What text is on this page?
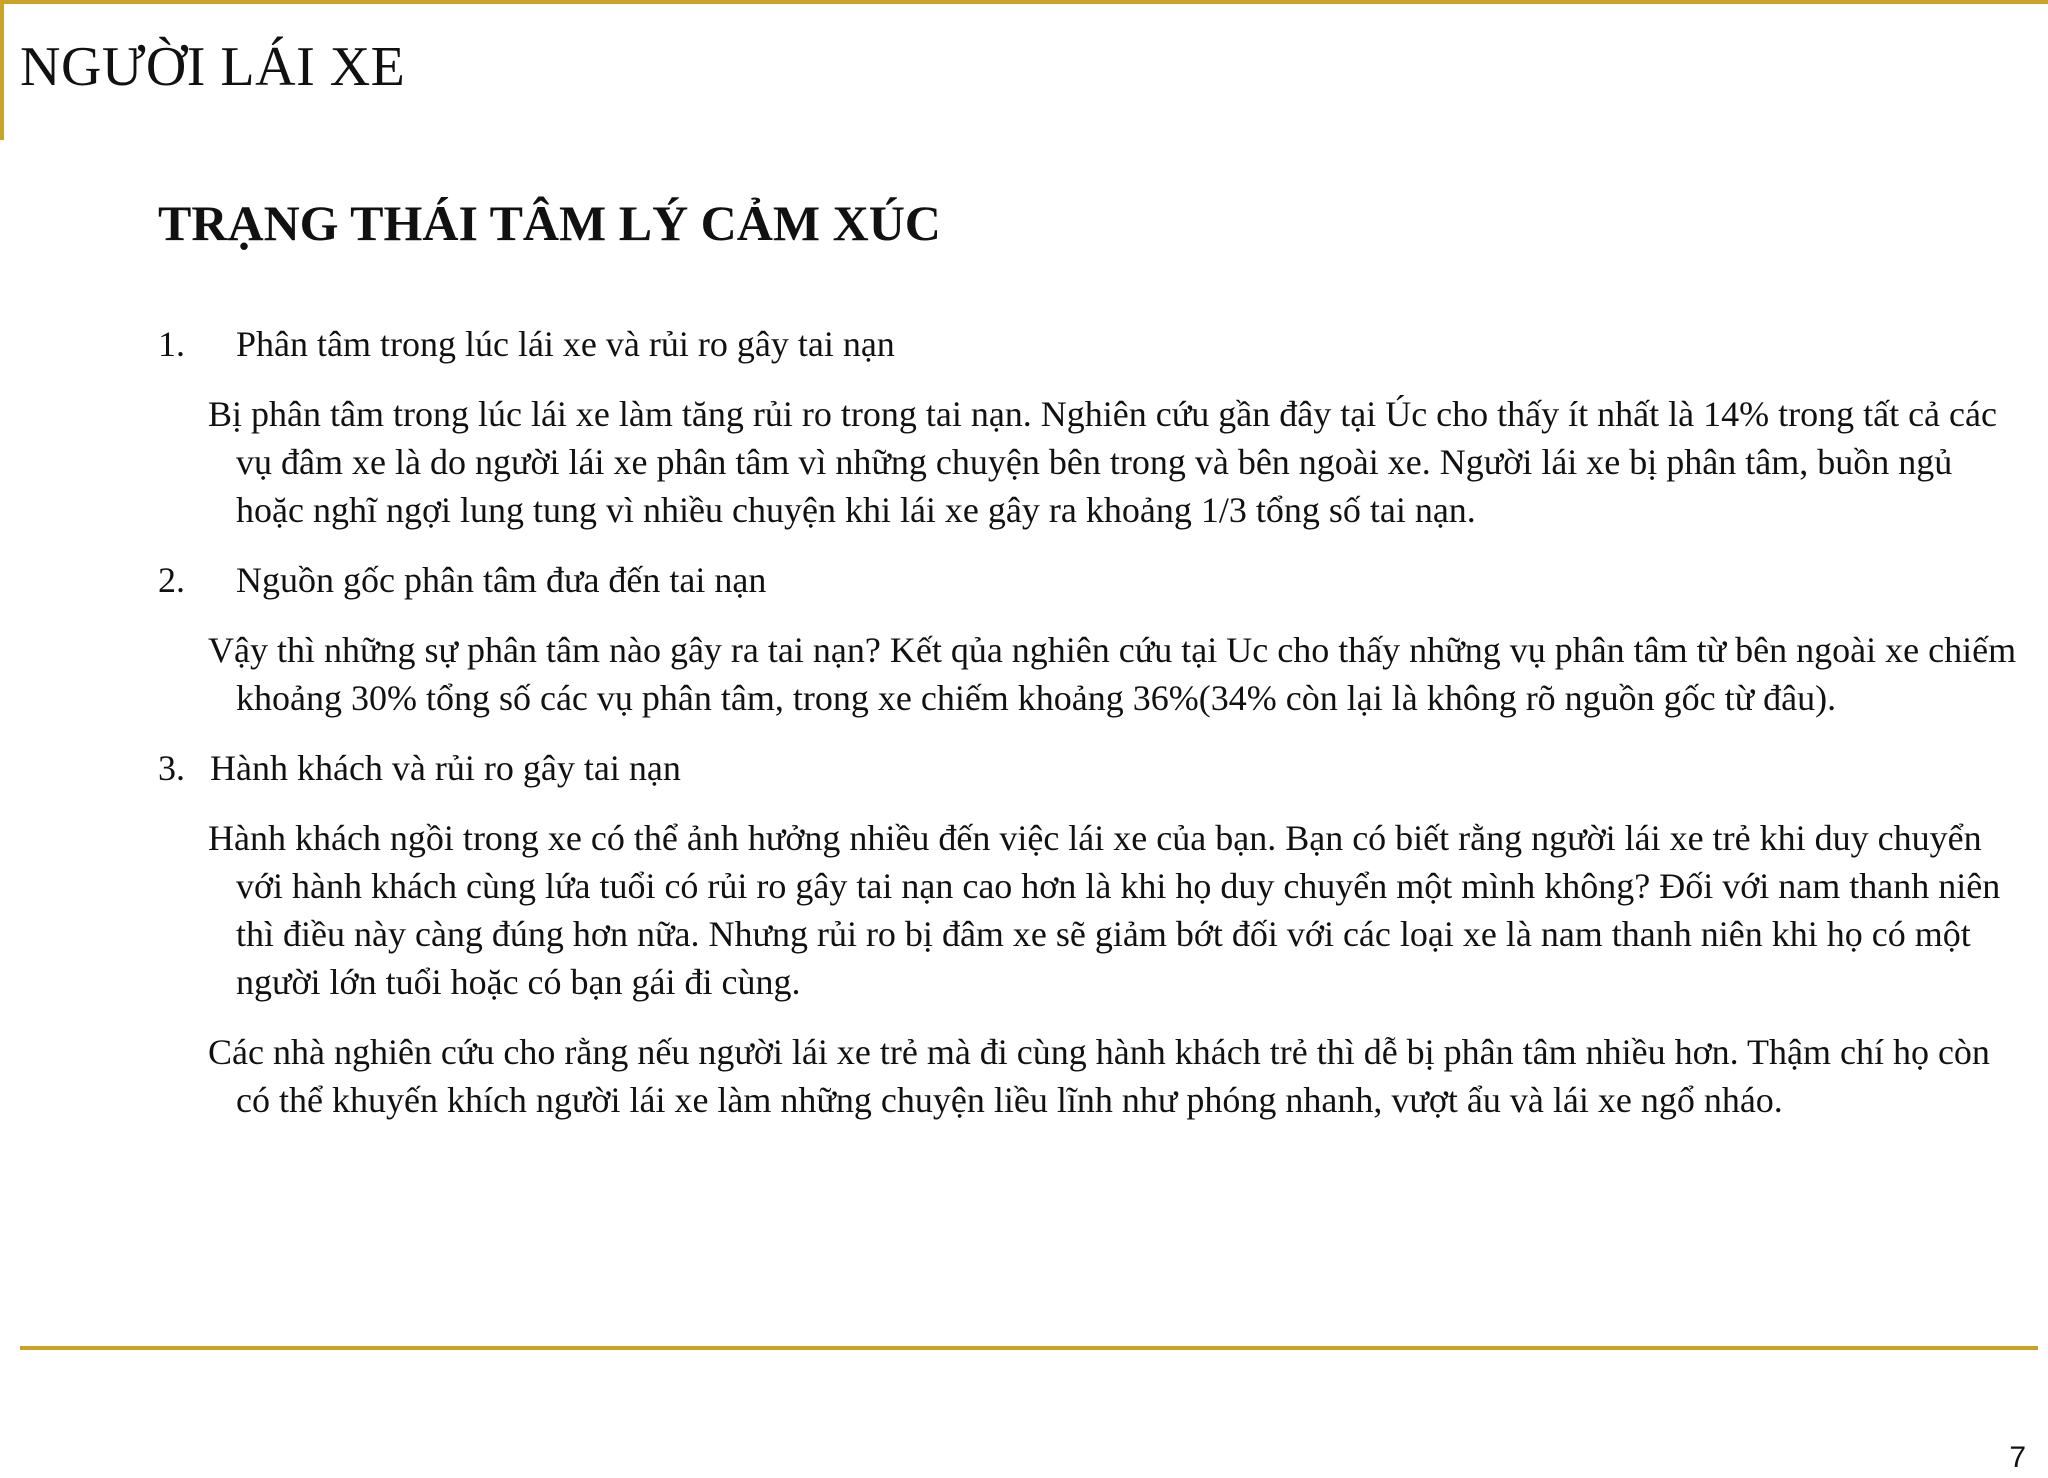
NGƯỜI LÁI XE
TRẠNG THÁI TÂM LÝ CẢM XÚC
1.	Phân tâm trong lúc lái xe và rủi ro gây tai nạn

Bị phân tâm trong lúc lái xe làm tăng rủi ro trong tai nạn. Nghiên cứu gần đây tại Úc cho thấy ít nhất là 14% trong tất cả các vụ đâm xe là do người lái xe phân tâm vì những chuyện bên trong và bên ngoài xe. Người lái xe bị phân tâm, buồn ngủ hoặc nghĩ ngợi lung tung vì nhiều chuyện khi lái xe gây ra khoảng 1/3 tổng số tai nạn.

2.	Nguồn gốc phân tâm đưa đến tai nạn

Vậy thì những sự phân tâm nào gây ra tai nạn? Kết qủa nghiên cứu tại Uc cho thấy những vụ phân tâm từ bên ngoài xe chiếm khoảng 30% tổng số các vụ phân tâm, trong xe chiếm khoảng 36%(34% còn lại là không rõ nguồn gốc từ đâu).

3. Hành khách và rủi ro gây tai nạn

Hành khách ngồi trong xe có thể ảnh hưởng nhiều đến việc lái xe của bạn. Bạn có biết rằng người lái xe trẻ khi duy chuyển với hành khách cùng lứa tuổi có rủi ro gây tai nạn cao hơn là khi họ duy chuyển một mình không? Đối với nam thanh niên thì điều này càng đúng hơn nữa. Nhưng rủi ro bị đâm xe sẽ giảm bớt đối với các loại xe là nam thanh niên khi họ có một người lớn tuổi hoặc có bạn gái đi cùng.

Các nhà nghiên cứu cho rằng nếu người lái xe trẻ mà đi cùng hành khách trẻ thì dễ bị phân tâm nhiều hơn. Thậm chí họ còn có thể khuyến khích người lái xe làm những chuyện liều lĩnh như phóng nhanh, vượt ẩu và lái xe ngổ nháo.

7
